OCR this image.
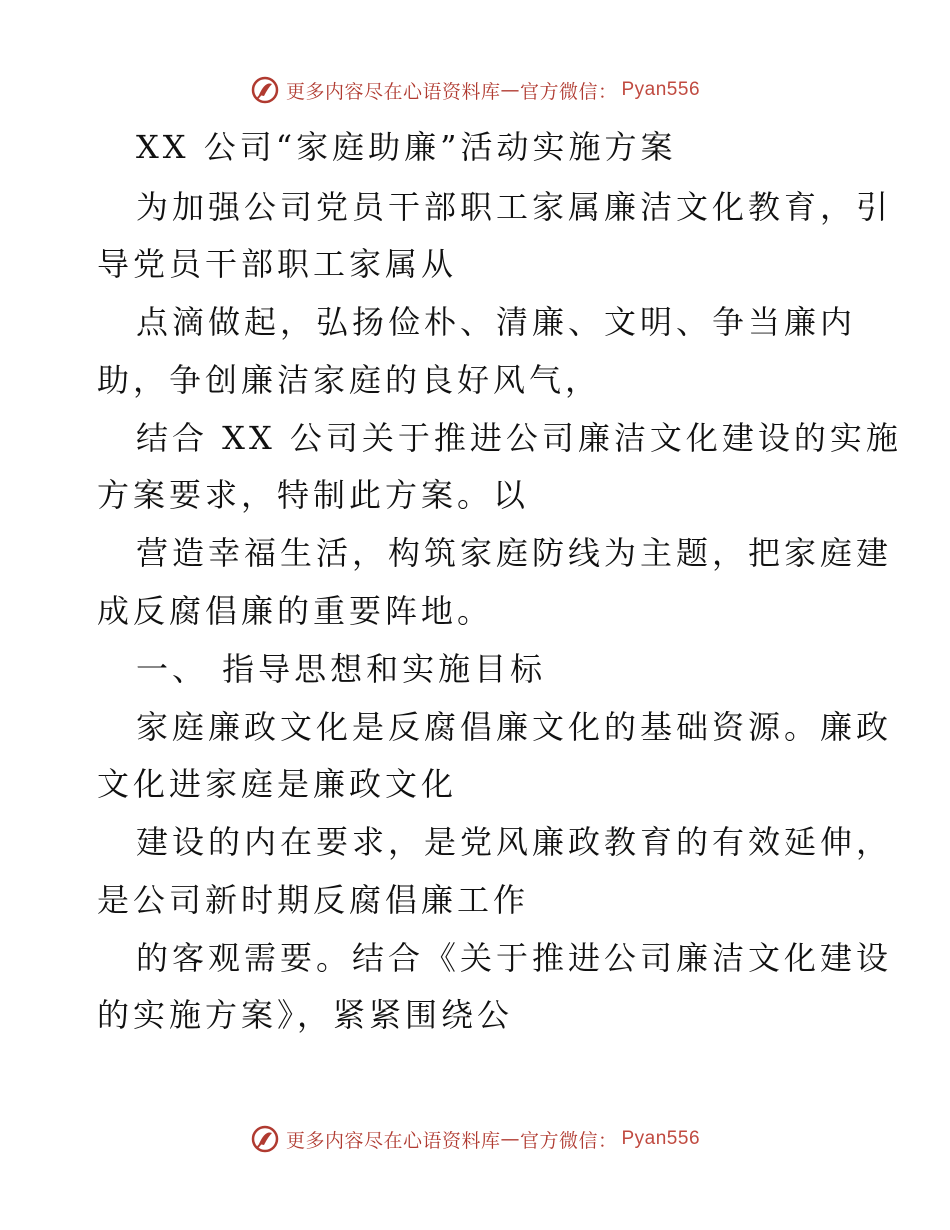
更多内容尽在心语资料库 — 官方微信： Pyan556
XX 公司“家庭助廉”活动实施方案
为加强公司党员干部职工家属廉洁文化教育，引
导党员干部职工家属从
点滴做起，弘扬俭朴、清廉、文明、争当廉内
助，争创廉洁家庭的良好风气，
结合 XX 公司关于推进公司廉洁文化建设的实施
方案要求，特制此方案。以
营造幸福生活，构筑家庭防线为主题，把家庭建
成反腐倡廉的重要阵地。
一、 指导思想和实施目标
家庭廉政文化是反腐倡廉文化的基础资源。廉政
文化进家庭是廉政文化
建设的内在要求，是党风廉政教育的有效延伸，
是公司新时期反腐倡廉工作
的客观需要。结合《关于推进公司廉洁文化建设
的实施方案》，紧紧围绕公
更多内容尽在心语资料库 — 官方微信： Pyan556
